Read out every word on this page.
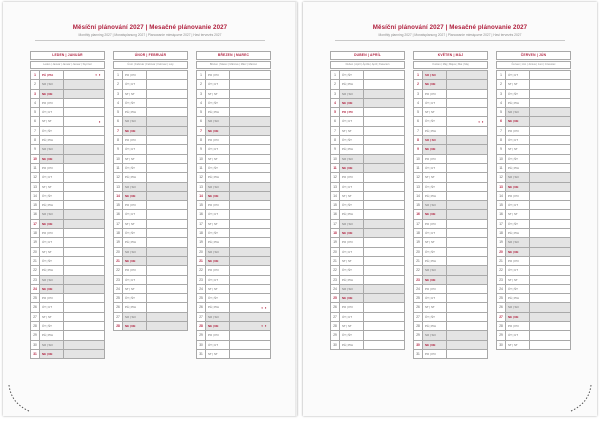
Měsíční plánování 2027 | Mesačné plánovanie 2027
Monthly planning 2027 | Monatsplanung 2027 | Planowanie miesięczne 2027 | Havi tervezés 2027
LEDEN | JANUÁR
Leden | Január | Január | Januar | Styczeń
1	PÁ | PIA	◐◑
2	SO | SO
3	NE | NE
4	PO | PO
5	ÚT | UT
6	ST | ST	◑
7	ČT | ŠT
8	PÁ | PIA
9	SO | SO
10	NE | NE
11	PO | PO
12	ÚT | UT
13	ST | ST
14	ČT | ŠT
15	PÁ | PIA
16	SO | SO
17	NE | NE
18	PO | PO
19	ÚT | UT
20	ST | ST
21	ČT | ŠT
22	PÁ | PIA
23	SO | SO
24	NE | NE
25	PO | PO
26	ÚT | UT
27	ST | ST
28	ČT | ŠT
29	PÁ | PIA
30	SO | SO
31	NE | NE
ÚNOR | FEBRUÁR
Únor | Február | Február | Februar | Luty
1	PO | PO
2	ÚT | UT
3	ST | ST
4	ČT | ŠT
5	PÁ | PIA
6	SO | SO
7	NE | NE
8	PO | PO
9	ÚT | UT
10	ST | ST
11	ČT | ŠT
12	PÁ | PIA
13	SO | SO
14	NE | NE
15	PO | PO
16	ÚT | UT
17	ST | ST
18	ČT | ŠT
19	PÁ | PIA
20	SO | SO
21	NE | NE
22	PO | PO
23	ÚT | UT
24	ST | ST
25	ČT | ŠT
26	PÁ | PIA
27	SO | SO
28	NE | NE
BŘEZEN | MAREC
Březen | Marec | Március | März | Marzec
1	PO | PO
2	ÚT | UT
3	ST | ST
4	ČT | ŠT
5	PÁ | PIA
6	SO | SO
7	NE | NE
8	PO | PO
9	ÚT | UT
10	ST | ST
11	ČT | ŠT
12	PÁ | PIA
13	SO | SO
14	NE | NE
15	PO | PO
16	ÚT | UT
17	ST | ST
18	ČT | ŠT
19	PÁ | PIA
20	SO | SO
21	NE | NE
22	PO | PO
23	ÚT | UT
24	ST | ST
25	ČT | ŠT
26	PÁ | PIA	◐◑
27	SO | SO
28	NE | NE	◐◑
29	PO | PO
30	ÚT | UT
31	ST | ST
Měsíční plánování 2027 | Mesačné plánovanie 2027
Monthly planning 2027 | Monatsplanung 2027 | Planowanie miesięczne 2027 | Havi tervezés 2027
DUBEN | APRÍL
Duben | Apríl | Április | April | Kwiecień
1	ČT | ŠT
2	PÁ | PIA
3	SO | SO
4	NE | NE
5	PO | PO
6	ÚT | UT
7	ST | ST
8	ČT | ŠT
9	PÁ | PIA
10	SO | SO
11	NE | NE
12	PO | PO
13	ÚT | UT
14	ST | ST
15	ČT | ŠT
16	PÁ | PIA
17	SO | SO
18	NE | NE
19	PO | PO
20	ÚT | UT
21	ST | ST
22	ČT | ŠT
23	PÁ | PIA
24	SO | SO
25	NE | NE
26	PO | PO
27	ÚT | UT
28	ST | ST
29	ČT | ŠT
30	PÁ | PIA
KVĚTEN | MÁJ
Květen | Máj | Május | Mai | Maj
1	SO | SO
2	NE | NE
3	PO | PO
4	ÚT | UT
5	ST | ST
6	ČT | ŠT	◐◑
7	PÁ | PIA
8	SO | SO
9	NE | NE
10	PO | PO
11	ÚT | UT
12	ST | ST
13	ČT | ŠT
14	PÁ | PIA
15	SO | SO
16	NE | NE
17	PO | PO
18	ÚT | UT
19	ST | ST
20	ČT | ŠT
21	PÁ | PIA
22	SO | SO
23	NE | NE
24	PO | PO
25	ÚT | UT
26	ST | ST
27	ČT | ŠT
28	PÁ | PIA
29	SO | SO
30	NE | NE
31	PO | PO
ČERVEN | JÚN
Červen | Jún | Június | Juni | Czerwiec
1	ÚT | UT
2	ST | ST
3	ČT | ŠT
4	PÁ | PIA
5	SO | SO
6	NE | NE
7	PO | PO
8	ÚT | UT
9	ST | ST
10	ČT | ŠT
11	PÁ | PIA
12	SO | SO
13	NE | NE
14	PO | PO
15	ÚT | UT
16	ST | ST
17	ČT | ŠT
18	PÁ | PIA
19	SO | SO
20	NE | NE
21	PO | PO
22	ÚT | UT
23	ST | ST
24	ČT | ŠT
25	PÁ | PIA
26	SO | SO
27	NE | NE
28	PO | PO
29	ÚT | UT
30	ST | ST
